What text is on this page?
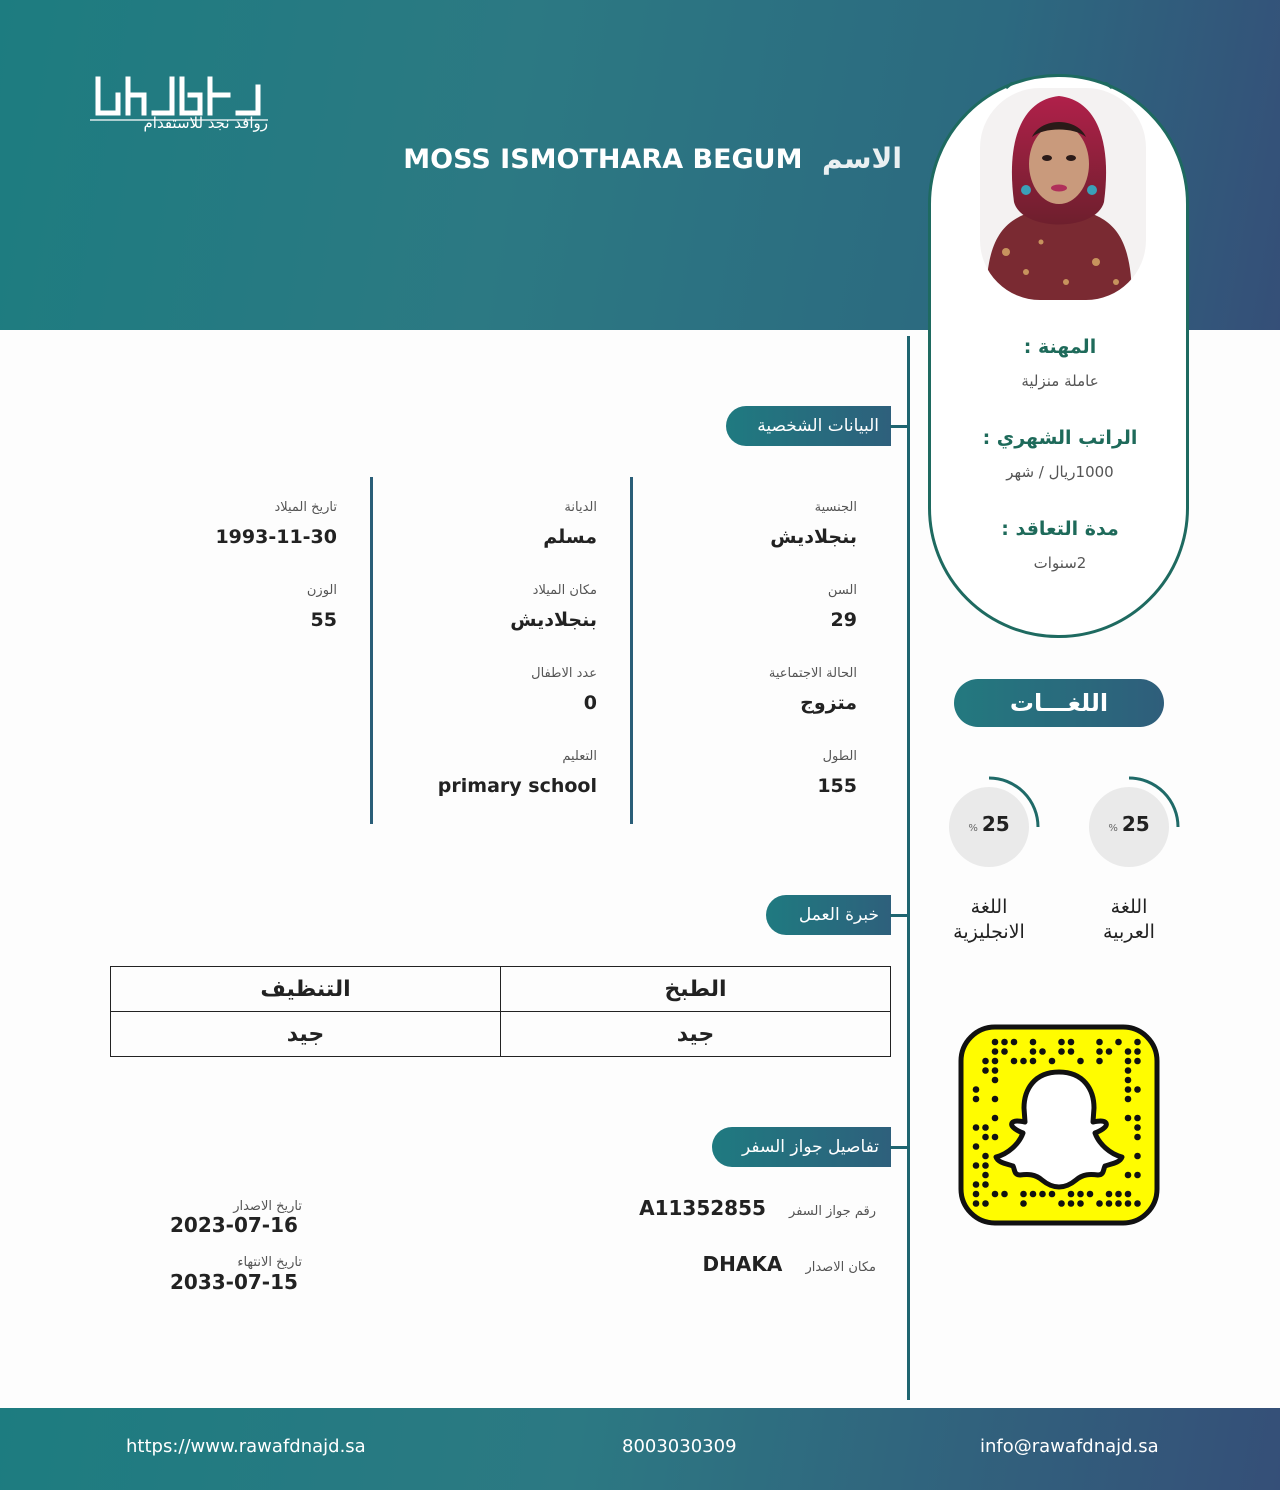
روافد نجد للاستقدام
الاسم MOSS ISMOTHARA BEGUM
المهنة :
عاملة منزلية
الراتب الشهري :
1000ريال / شهر
مدة التعاقد :
2سنوات
البيانات الشخصية
الجنسية
بنجلاديش
السن
29
الحالة الاجتماعية
متزوج
الطول
155
الديانة
مسلم
مكان الميلاد
بنجلاديش
عدد الاطفال
0
التعليم
primary school
تاريخ الميلاد
1993-11-30
الوزن
55
خبرة العمل
الطبخ	التنظيف
جيد	جيد
تفاصيل جواز السفر
رقم جواز السفر A11352855
مكان الاصدار DHAKA
تاريخ الاصدار
2023-07-16
تاريخ الانتهاء
2033-07-15
اللغـــات
% 25
اللغة
العربية
% 25
اللغة
الانجليزية
https://www.rawafdnajd.sa	8003030309	info@rawafdnajd.sa
